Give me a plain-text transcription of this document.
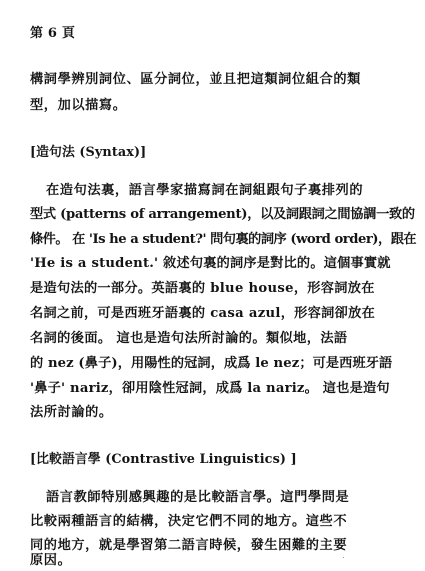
第 6 頁
構詞學辨別詞位、區分詞位，並且把這類詞位組合的類
型，加以描寫。
[造句法 (Syntax)]
在造句法裏，語言學家描寫詞在詞組跟句子裏排列的
型式 (patterns of arrangement)，以及詞跟詞之間協調一致的
條件。 在 'Is he a student?' 問句裏的詞序 (word order)，跟在
'He is a student.' 敘述句裏的詞序是對比的。這個事實就
是造句法的一部分。英語裏的 blue house，形容詞放在
名詞之前，可是西班牙語裏的 casa azul，形容詞卻放在
名詞的後面。 這也是造句法所討論的。類似地，法語
的 nez (鼻子)，用陽性的冠詞，成爲 le nez；可是西班牙語
'鼻子' nariz，卻用陰性冠詞，成爲 la nariz。 這也是造句
法所討論的。
[比較語言學 (Contrastive Linguistics) ]
語言教師特別感興趣的是比較語言學。這門學問是
比較兩種語言的結構，決定它們不同的地方。這些不
同的地方，就是學習第二語言時候，發生困難的主要
原因。
